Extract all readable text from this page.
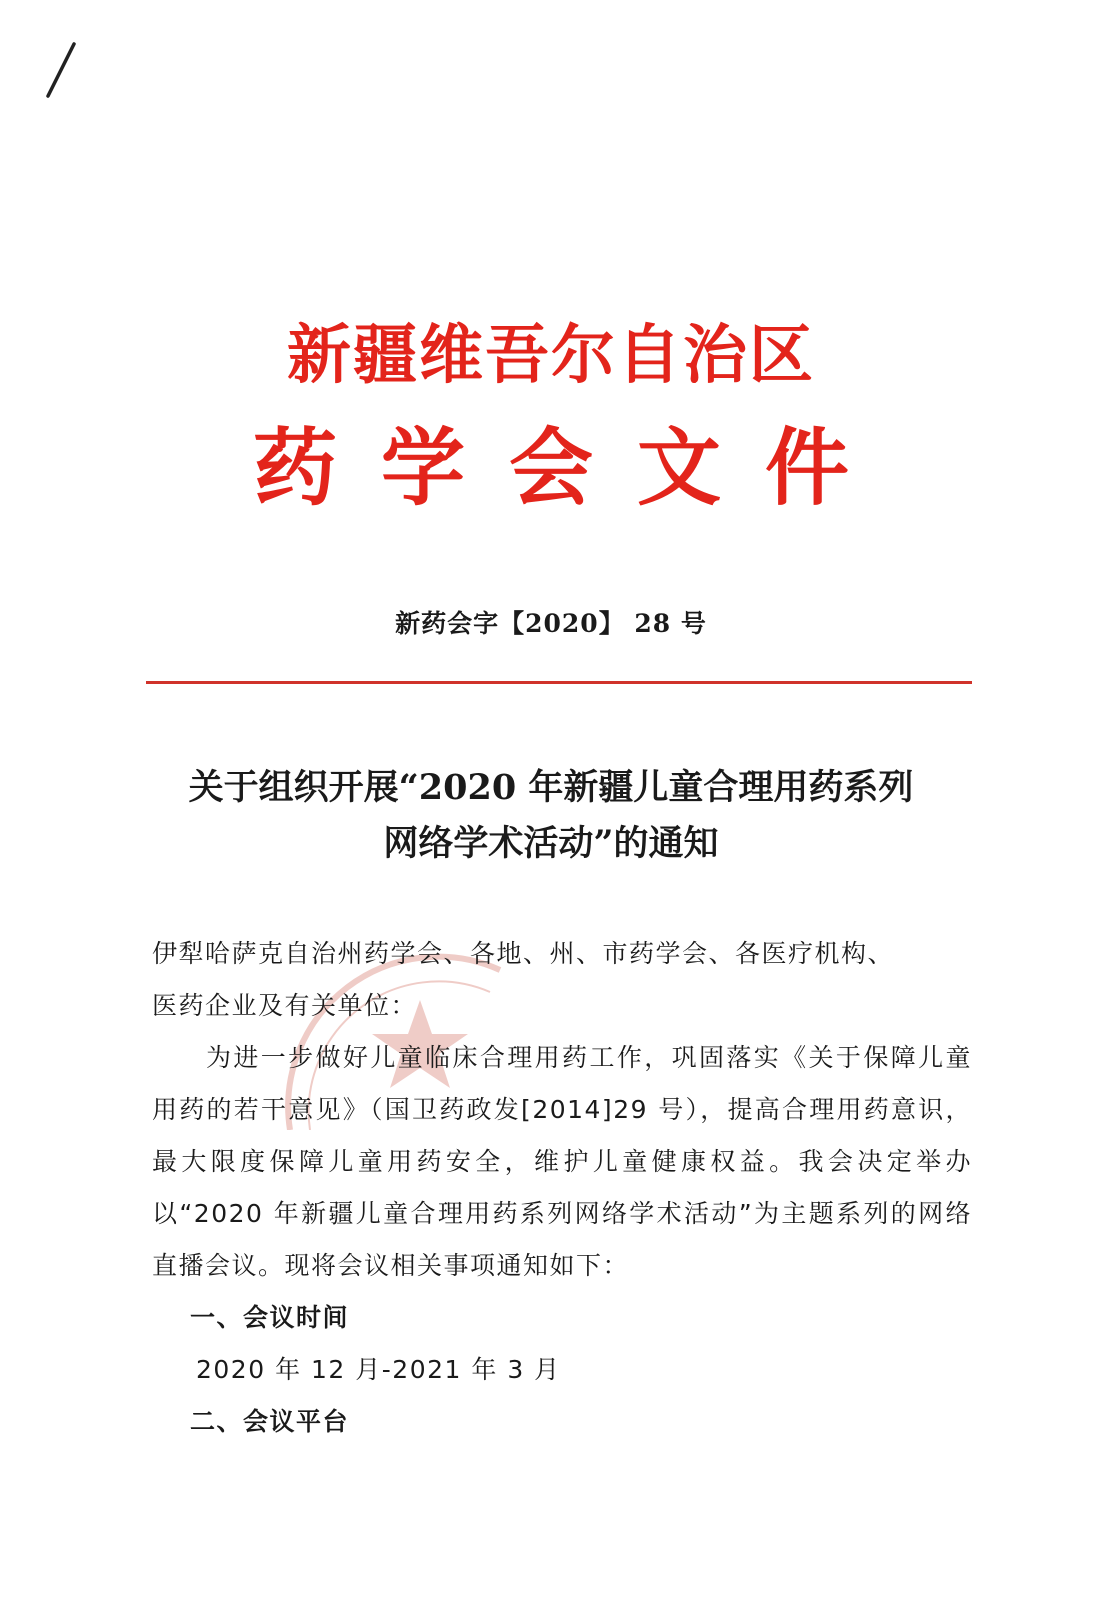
新疆维吾尔自治区
药学会文件
新药会字【2020】 28 号
关于组织开展“2020 年新疆儿童合理用药系列
网络学术活动”的通知

伊犁哈萨克自治州药学会、各地、州、市药学会、各医疗机构、

医药企业及有关单位：

为进一步做好儿童临床合理用药工作，巩固落实《关于保障儿童用药的若干意见》（国卫药政发[2014]29 号），提高合理用药意识，最大限度保障儿童用药安全，维护儿童健康权益。我会决定举办以“2020 年新疆儿童合理用药系列网络学术活动”为主题系列的网络直播会议。现将会议相关事项通知如下：

一、会议时间

2020 年 12 月-2021 年 3 月

二、会议平台
